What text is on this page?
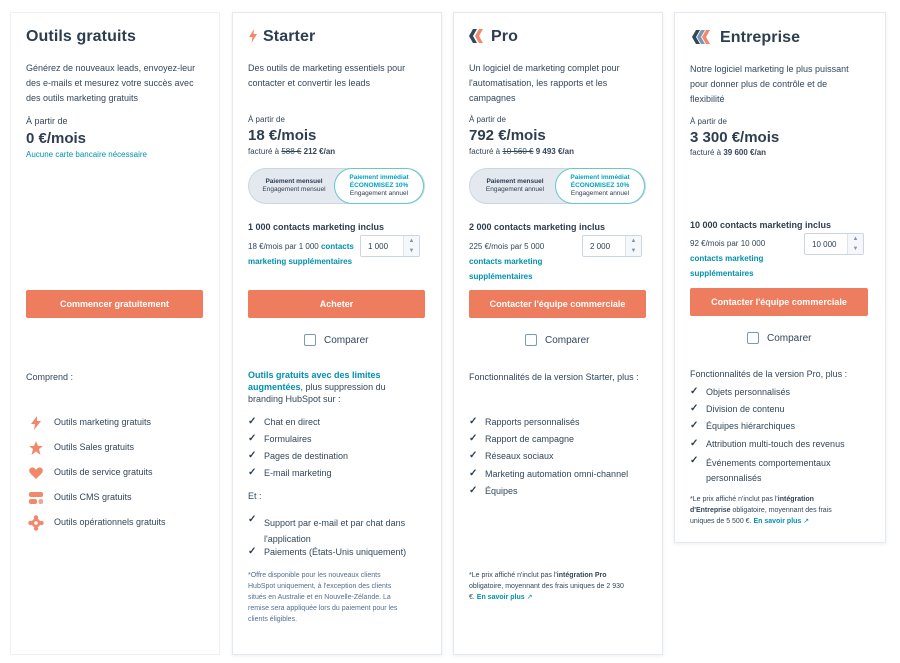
Outils gratuits
Générez de nouveaux leads, envoyez-leur
des e-mails et mesurez votre succès avec
des outils marketing gratuits
À partir de
0 €/mois
Aucune carte bancaire nécessaire
Commencer gratuitement
Comprend :
Outils marketing gratuits
Outils Sales gratuits
Outils de service gratuits
Outils CMS gratuits
Outils opérationnels gratuits
Starter
Des outils de marketing essentiels pour
contacter et convertir les leads
À partir de
18 €/mois
facturé à 588 € 212 €/an
Paiement mensuel
Engagement mensuel
Paiement immédiat
ÉCONOMISEZ 10%
Engagement annuel
1 000 contacts marketing inclus
18 €/mois par 1 000 contacts
marketing supplémentaires
1 000
▲
▼
Acheter
Comparer
Outils gratuits avec des limites
augmentées, plus suppression du
branding HubSpot sur :
✓ Chat en direct
✓ Formulaires
✓ Pages de destination
✓ E-mail marketing
Et :
✓ Support par e-mail et par chat dans
l'application
✓ Paiements (États-Unis uniquement)
*Offre disponible pour les nouveaux clients
HubSpot uniquement, à l'exception des clients
situés en Australie et en Nouvelle-Zélande. La
remise sera appliquée lors du paiement pour les
clients éligibles.
Pro
Un logiciel de marketing complet pour
l'automatisation, les rapports et les
campagnes
À partir de
792 €/mois
facturé à 10 560 € 9 493 €/an
Paiement mensuel
Engagement annuel
Paiement immédiat
ÉCONOMISEZ 10%
Engagement annuel
2 000 contacts marketing inclus
225 €/mois par 5 000
contacts marketing
supplémentaires
2 000
▲
▼
Contacter l'équipe commerciale
Comparer
Fonctionnalités de la version Starter, plus :
✓ Rapports personnalisés
✓ Rapport de campagne
✓ Réseaux sociaux
✓ Marketing automation omni-channel
✓ Équipes
*Le prix affiché n'inclut pas l'intégration Pro
obligatoire, moyennant des frais uniques de 2 930
€. En savoir plus ↗
Entreprise
Notre logiciel marketing le plus puissant
pour donner plus de contrôle et de
flexibilité
À partir de
3 300 €/mois
facturé à 39 600 €/an
10 000 contacts marketing inclus
92 €/mois par 10 000
contacts marketing
supplémentaires
10 000
▲
▼
Contacter l'équipe commerciale
Comparer
Fonctionnalités de la version Pro, plus :
✓ Objets personnalisés
✓ Division de contenu
✓ Équipes hiérarchiques
✓ Attribution multi-touch des revenus
✓ Événements comportementaux
personnalisés
*Le prix affiché n'inclut pas l'intégration
d'Entreprise obligatoire, moyennant des frais
uniques de 5 500 €. En savoir plus ↗
